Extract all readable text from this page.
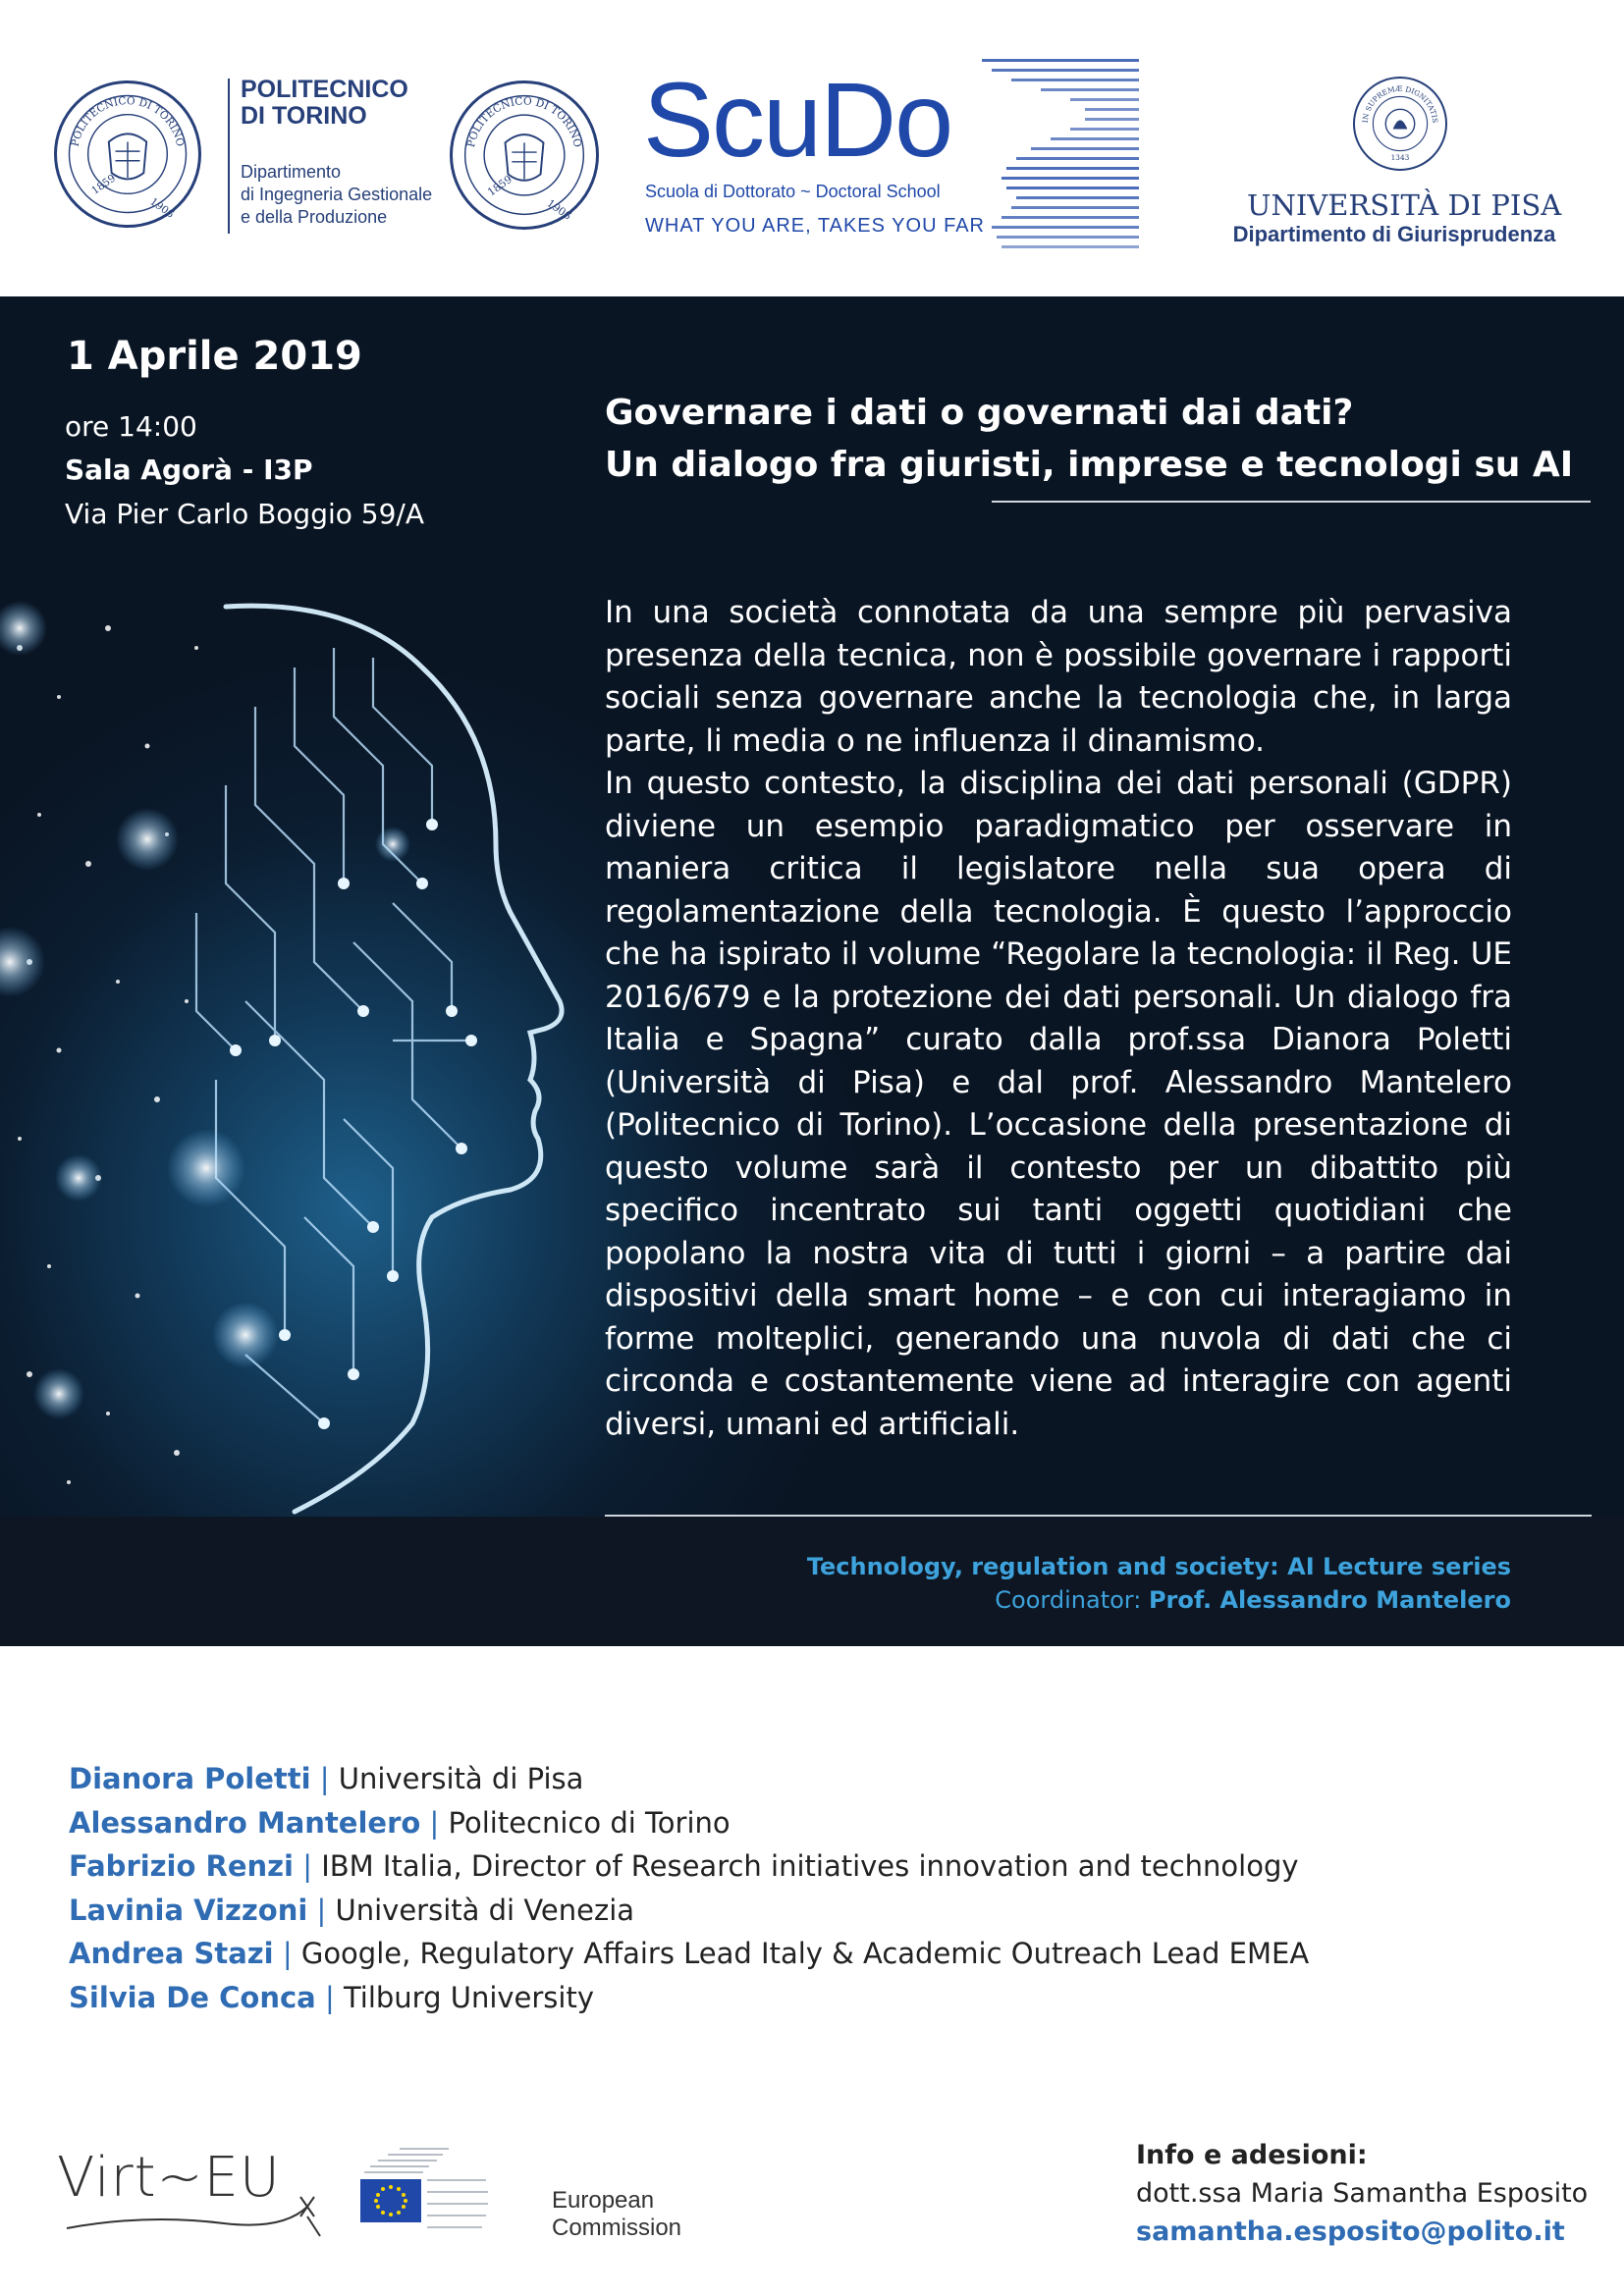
POLITECNICO DI TORINO
1859
1906
POLITECNICO
DI TORINO
Dipartimento
di Ingegneria Gestionale
e della Produzione
POLITECNICO DI TORINO
1859
1906
ScuDo
Scuola di Dottorato ~ Doctoral School
WHAT YOU ARE, TAKES YOU FAR
IN SUPREMÆ DIGNITATIS
1343
UNIVERSITÀ DI PISA
Dipartimento di Giurisprudenza
1 Aprile 2019
ore 14:00
Sala Agorà - I3P
Via Pier Carlo Boggio 59/A
Governare i dati o governati dai dati?
Un dialogo fra giuristi, imprese e tecnologi su AI

In una società connotata da una sempre più pervasiva presenza della tecnica, non è possibile governare i rapporti sociali senza governare anche la tecnologia che, in larga parte, li media o ne influenza il dinamismo.

In questo contesto, la disciplina dei dati personali (GDPR) diviene un esempio paradigmatico per osservare in maniera critica il legislatore nella sua opera di regolamentazione della tecnologia. È questo l’approccio che ha ispirato il volume “Regolare la tecnologia: il Reg. UE 2016/679 e la protezione dei dati personali. Un dialogo fra Italia e Spagna” curato dalla prof.ssa Dianora Poletti (Università di Pisa) e dal prof. Alessandro Mantelero (Politecnico di Torino). L’occasione della presentazione di questo volume sarà il contesto per un dibattito più specifico incentrato sui tanti oggetti quotidiani che popolano la nostra vita di tutti i giorni – a partire dai dispositivi della smart home – e con cui interagiamo in forme molteplici, generando una nuvola di dati che ci circonda e costantemente viene ad interagire con agenti diversi, umani ed artificiali.

Technology, regulation and society: AI Lecture series
Coordinator: Prof. Alessandro Mantelero
Dianora Poletti | Università di Pisa
Alessandro Mantelero | Politecnico di Torino
Fabrizio Renzi | IBM Italia, Director of Research initiatives innovation and technology
Lavinia Vizzoni | Università di Venezia
Andrea Stazi | Google, Regulatory Affairs Lead Italy & Academic Outreach Lead EMEA
Silvia De Conca | Tilburg University
Virt~EU	European
Commission
Info e adesioni:
dott.ssa Maria Samantha Esposito
samantha.esposito@polito.it
